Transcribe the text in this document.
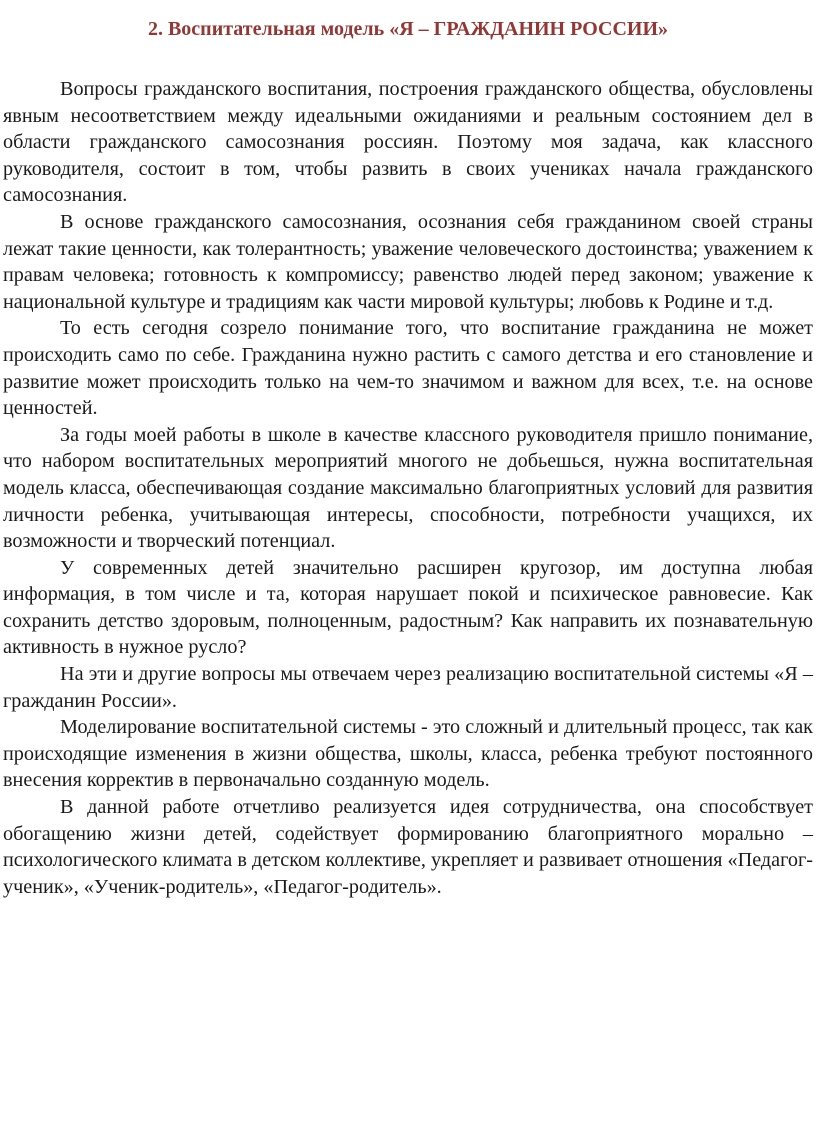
2. Воспитательная модель «Я – ГРАЖДАНИН РОССИИ»

Вопросы гражданского воспитания, построения гражданского общества, обусловлены явным несоответствием между идеальными ожиданиями и реальным состоянием дел в области гражданского самосознания россиян. Поэтому моя задача, как классного руководителя, состоит в том, чтобы развить в своих учениках начала гражданского самосознания.

В основе гражданского самосознания, осознания себя гражданином своей страны лежат такие ценности, как толерантность; уважение человеческого достоинства; уважением к правам человека; готовность к компромиссу; равенство людей перед законом; уважение к национальной культуре и традициям как части мировой культуры; любовь к Родине и т.д.

То есть сегодня созрело понимание того, что воспитание гражданина не может происходить само по себе. Гражданина нужно растить с самого детства и его становление и развитие может происходить только на чем-то значимом и важном для всех, т.е. на основе ценностей.

За годы моей работы в школе в качестве классного руководителя пришло понимание, что набором воспитательных мероприятий многого не добьешься, нужна воспитательная модель класса, обеспечивающая создание максимально благоприятных условий для развития личности ребенка, учитывающая интересы, способности, потребности учащихся, их возможности и творческий потенциал.

У современных детей значительно расширен кругозор, им доступна любая информация, в том числе и та, которая нарушает покой и психическое равновесие. Как сохранить детство здоровым, полноценным, радостным? Как направить их познавательную активность в нужное русло?

На эти и другие вопросы мы отвечаем через реализацию воспитательной системы «Я – гражданин России».

Моделирование воспитательной системы - это сложный и длительный процесс, так как происходящие изменения в жизни общества, школы, класса, ребенка требуют постоянного внесения корректив в первоначально созданную модель.

В данной работе отчетливо реализуется идея сотрудничества, она способствует обогащению жизни детей, содействует формированию благоприятного морально – психологического климата в детском коллективе, укрепляет и развивает отношения «Педагог-ученик», «Ученик-родитель», «Педагог-родитель».
